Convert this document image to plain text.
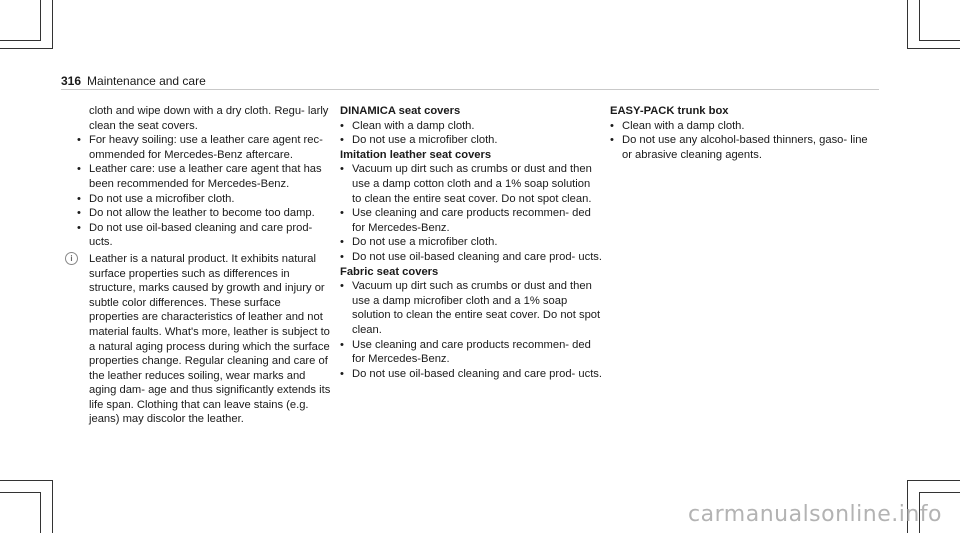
316 Maintenance and care

cloth and wipe down with a dry cloth. Regu- larly clean the seat covers.

• For heavy soiling: use a leather care agent rec- ommended for Mercedes-Benz aftercare.

• Leather care: use a leather care agent that has been recommended for Mercedes-Benz.

• Do not use a microfiber cloth.

• Do not allow the leather to become too damp.

• Do not use oil-based cleaning and care prod- ucts.

i	Leather is a natural product. It exhibits natural surface properties such as differences in structure, marks caused by growth and injury or subtle color differences. These surface properties are characteristics of leather and not material faults. What's more, leather is subject to a natural aging process during which the surface properties change. Regular cleaning and care of the leather reduces soiling, wear marks and aging dam- age and thus significantly extends its life span. Clothing that can leave stains (e.g. jeans) may discolor the leather.

DINAMICA seat covers

• Clean with a damp cloth.

• Do not use a microfiber cloth.

Imitation leather seat covers

• Vacuum up dirt such as crumbs or dust and then use a damp cotton cloth and a 1% soap solution to clean the entire seat cover. Do not spot clean.

• Use cleaning and care products recommen- ded for Mercedes-Benz.

• Do not use a microfiber cloth.

• Do not use oil-based cleaning and care prod- ucts.

Fabric seat covers

• Vacuum up dirt such as crumbs or dust and then use a damp microfiber cloth and a 1% soap solution to clean the entire seat cover. Do not spot clean.

• Use cleaning and care products recommen- ded for Mercedes-Benz.

• Do not use oil-based cleaning and care prod- ucts.

EASY-PACK trunk box

• Clean with a damp cloth.

• Do not use any alcohol-based thinners, gaso- line or abrasive cleaning agents.

carmanualsonline.info
